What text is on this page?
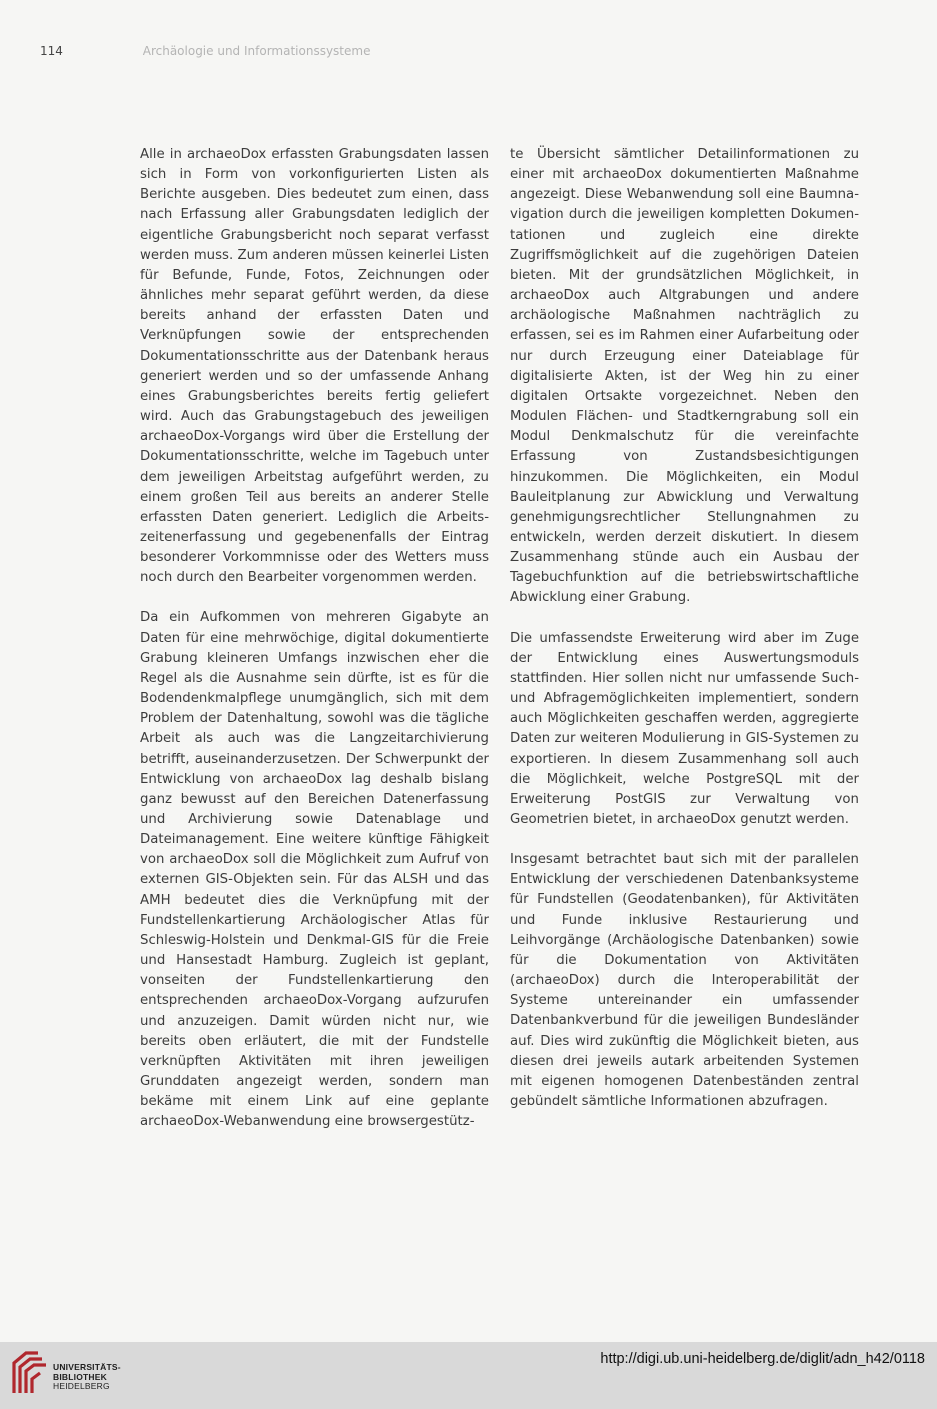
114	Archäologie und Informationssysteme

Alle in archaeoDox erfassten Grabungsdaten lassen sich in Form von vorkonfigurierten Listen als Berichte ausgeben. Dies bedeutet zum einen, dass nach Erfassung aller Grabungsdaten lediglich der eigentliche Grabungsbericht noch separat verfasst werden muss. Zum anderen müssen keinerlei Listen für Befunde, Funde, Fotos, Zeichnungen oder ähnliches mehr separat geführt werden, da diese bereits anhand der erfassten Daten und Verknüpfungen sowie der entsprechenden Dokumentationsschritte aus der Datenbank heraus generiert werden und so der umfassende Anhang eines Grabungsberichtes bereits fertig geliefert wird. Auch das Grabungstagebuch des jeweiligen archaeoDox-Vorgangs wird über die Erstellung der Dokumentationsschritte, welche im Tagebuch unter dem jeweiligen Arbeitstag aufgeführt werden, zu einem großen Teil aus bereits an anderer Stelle erfassten Daten generiert. Lediglich die Arbeitszeitenerfassung und gegebenenfalls der Eintrag besonderer Vorkommnisse oder des Wetters muss noch durch den Bearbeiter vorgenommen werden.

Da ein Aufkommen von mehreren Gigabyte an Daten für eine mehrwöchige, digital dokumentierte Grabung kleineren Umfangs inzwischen eher die Regel als die Ausnahme sein dürfte, ist es für die Bodendenkmalpflege unumgänglich, sich mit dem Problem der Datenhaltung, sowohl was die tägliche Arbeit als auch was die Langzeitarchivierung betrifft, auseinanderzusetzen. Der Schwerpunkt der Entwicklung von archaeoDox lag deshalb bislang ganz bewusst auf den Bereichen Datenerfassung und Archivierung sowie Datenablage und Dateimanagement. Eine weitere künftige Fähigkeit von archaeoDox soll die Möglichkeit zum Aufruf von externen GIS-Objekten sein. Für das ALSH und das AMH bedeutet dies die Verknüpfung mit der Fundstellenkartierung Archäologischer Atlas für Schleswig-Holstein und Denkmal-GIS für die Freie und Hansestadt Hamburg. Zugleich ist geplant, vonseiten der Fundstellenkartierung den entsprechenden archaeoDox-Vorgang aufzurufen und anzuzeigen. Damit würden nicht nur, wie bereits oben erläutert, die mit der Fundstelle verknüpften Aktivitäten mit ihren jeweiligen Grunddaten angezeigt werden, sondern man bekäme mit einem Link auf eine geplante archaeoDox-Webanwendung eine browsergestütz-

te Übersicht sämtlicher Detailinformationen zu einer mit archaeoDox dokumentierten Maßnahme angezeigt. Diese Webanwendung soll eine Baumnavigation durch die jeweiligen kompletten Dokumentationen und zugleich eine direkte Zugriffsmöglichkeit auf die zugehörigen Dateien bieten. Mit der grundsätzlichen Möglichkeit, in archaeoDox auch Altgrabungen und andere archäologische Maßnahmen nachträglich zu erfassen, sei es im Rahmen einer Aufarbeitung oder nur durch Erzeugung einer Dateiablage für digitalisierte Akten, ist der Weg hin zu einer digitalen Ortsakte vorgezeichnet. Neben den Modulen Flächen- und Stadtkerngrabung soll ein Modul Denkmalschutz für die vereinfachte Erfassung von Zustandsbesichtigungen hinzukommen. Die Möglichkeiten, ein Modul Bauleitplanung zur Abwicklung und Verwaltung genehmigungsrechtlicher Stellungnahmen zu entwickeln, werden derzeit diskutiert. In diesem Zusammenhang stünde auch ein Ausbau der Tagebuchfunktion auf die betriebswirtschaftliche Abwicklung einer Grabung.

Die umfassendste Erweiterung wird aber im Zuge der Entwicklung eines Auswertungsmoduls stattfinden. Hier sollen nicht nur umfassende Such- und Abfragemöglichkeiten implementiert, sondern auch Möglichkeiten geschaffen werden, aggregierte Daten zur weiteren Modulierung in GIS-Systemen zu exportieren. In diesem Zusammenhang soll auch die Möglichkeit, welche PostgreSQL mit der Erweiterung PostGIS zur Verwaltung von Geometrien bietet, in archaeoDox genutzt werden.

Insgesamt betrachtet baut sich mit der parallelen Entwicklung der verschiedenen Datenbanksysteme für Fundstellen (Geodatenbanken), für Aktivitäten und Funde inklusive Restaurierung und Leihvorgänge (Archäologische Datenbanken) sowie für die Dokumentation von Aktivitäten (archaeoDox) durch die Interoperabilität der Systeme untereinander ein umfassender Datenbankverbund für die jeweiligen Bundesländer auf. Dies wird zukünftig die Möglichkeit bieten, aus diesen drei jeweils autark arbeitenden Systemen mit eigenen homogenen Datenbeständen zentral gebündelt sämtliche Informationen abzufragen.

UNIVERSITÄTS-
BIBLIOTHEK
HEIDELBERG
http://digi.ub.uni-heidelberg.de/diglit/adn_h42/0118
